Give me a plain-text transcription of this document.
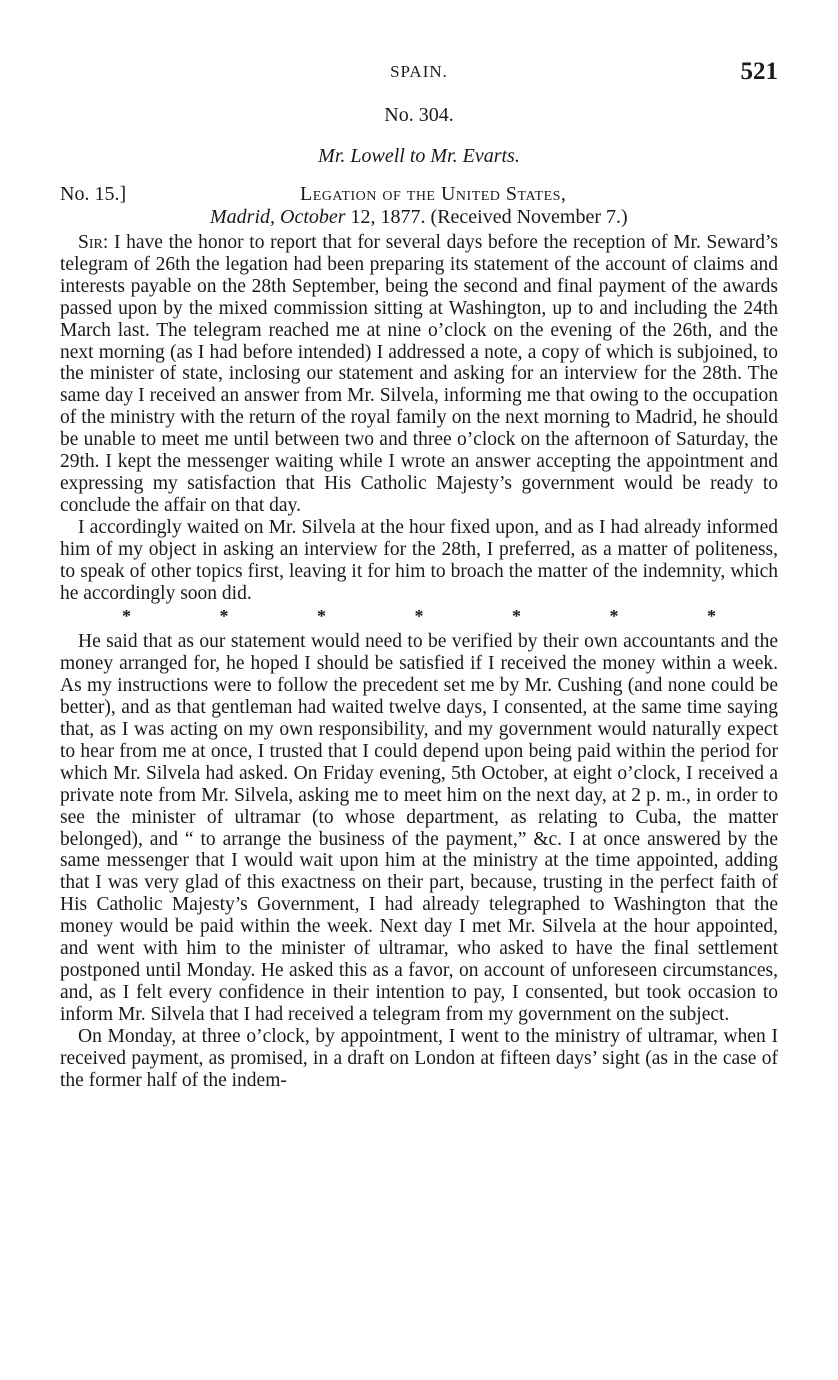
SPAIN.	521
No. 304.
Mr. Lowell to Mr. Evarts.
No. 15.]	Legation of the United States,
Madrid, October 12, 1877. (Received November 7.)

Sir: I have the honor to report that for several days before the reception of Mr. Seward’s telegram of 26th the legation had been preparing its statement of the account of claims and interests payable on the 28th September, being the second and final payment of the awards passed upon by the mixed commission sitting at Washington, up to and including the 24th March last. The telegram reached me at nine o’clock on the evening of the 26th, and the next morning (as I had before intended) I addressed a note, a copy of which is subjoined, to the minister of state, inclosing our statement and asking for an interview for the 28th. The same day I received an answer from Mr. Silvela, informing me that owing to the occupation of the ministry with the return of the royal family on the next morning to Madrid, he should be unable to meet me until between two and three o’clock on the afternoon of Saturday, the 29th. I kept the messenger waiting while I wrote an answer accepting the appointment and expressing my satisfaction that His Catholic Majesty’s government would be ready to conclude the affair on that day.

I accordingly waited on Mr. Silvela at the hour fixed upon, and as I had already informed him of my object in asking an interview for the 28th, I preferred, as a matter of politeness, to speak of other topics first, leaving it for him to broach the matter of the indemnity, which he accordingly soon did.

*	*	*	*	*	*	*

He said that as our statement would need to be verified by their own accountants and the money arranged for, he hoped I should be satisfied if I received the money within a week. As my instructions were to follow the precedent set me by Mr. Cushing (and none could be better), and as that gentleman had waited twelve days, I consented, at the same time saying that, as I was acting on my own responsibility, and my government would naturally expect to hear from me at once, I trusted that I could depend upon being paid within the period for which Mr. Silvela had asked. On Friday evening, 5th October, at eight o’clock, I received a private note from Mr. Silvela, asking me to meet him on the next day, at 2 p. m., in order to see the minister of ultramar (to whose department, as relating to Cuba, the matter belonged), and “ to arrange the business of the payment,” &c. I at once answered by the same messenger that I would wait upon him at the ministry at the time appointed, adding that I was very glad of this exactness on their part, because, trusting in the perfect faith of His Catholic Majesty’s Government, I had already telegraphed to Washington that the money would be paid within the week. Next day I met Mr. Silvela at the hour appointed, and went with him to the minister of ultramar, who asked to have the final settlement postponed until Monday. He asked this as a favor, on account of unforeseen circumstances, and, as I felt every confidence in their intention to pay, I consented, but took occasion to inform Mr. Silvela that I had received a telegram from my government on the subject.

On Monday, at three o’clock, by appointment, I went to the ministry of ultramar, when I received payment, as promised, in a draft on London at fifteen days’ sight (as in the case of the former half of the indem-
